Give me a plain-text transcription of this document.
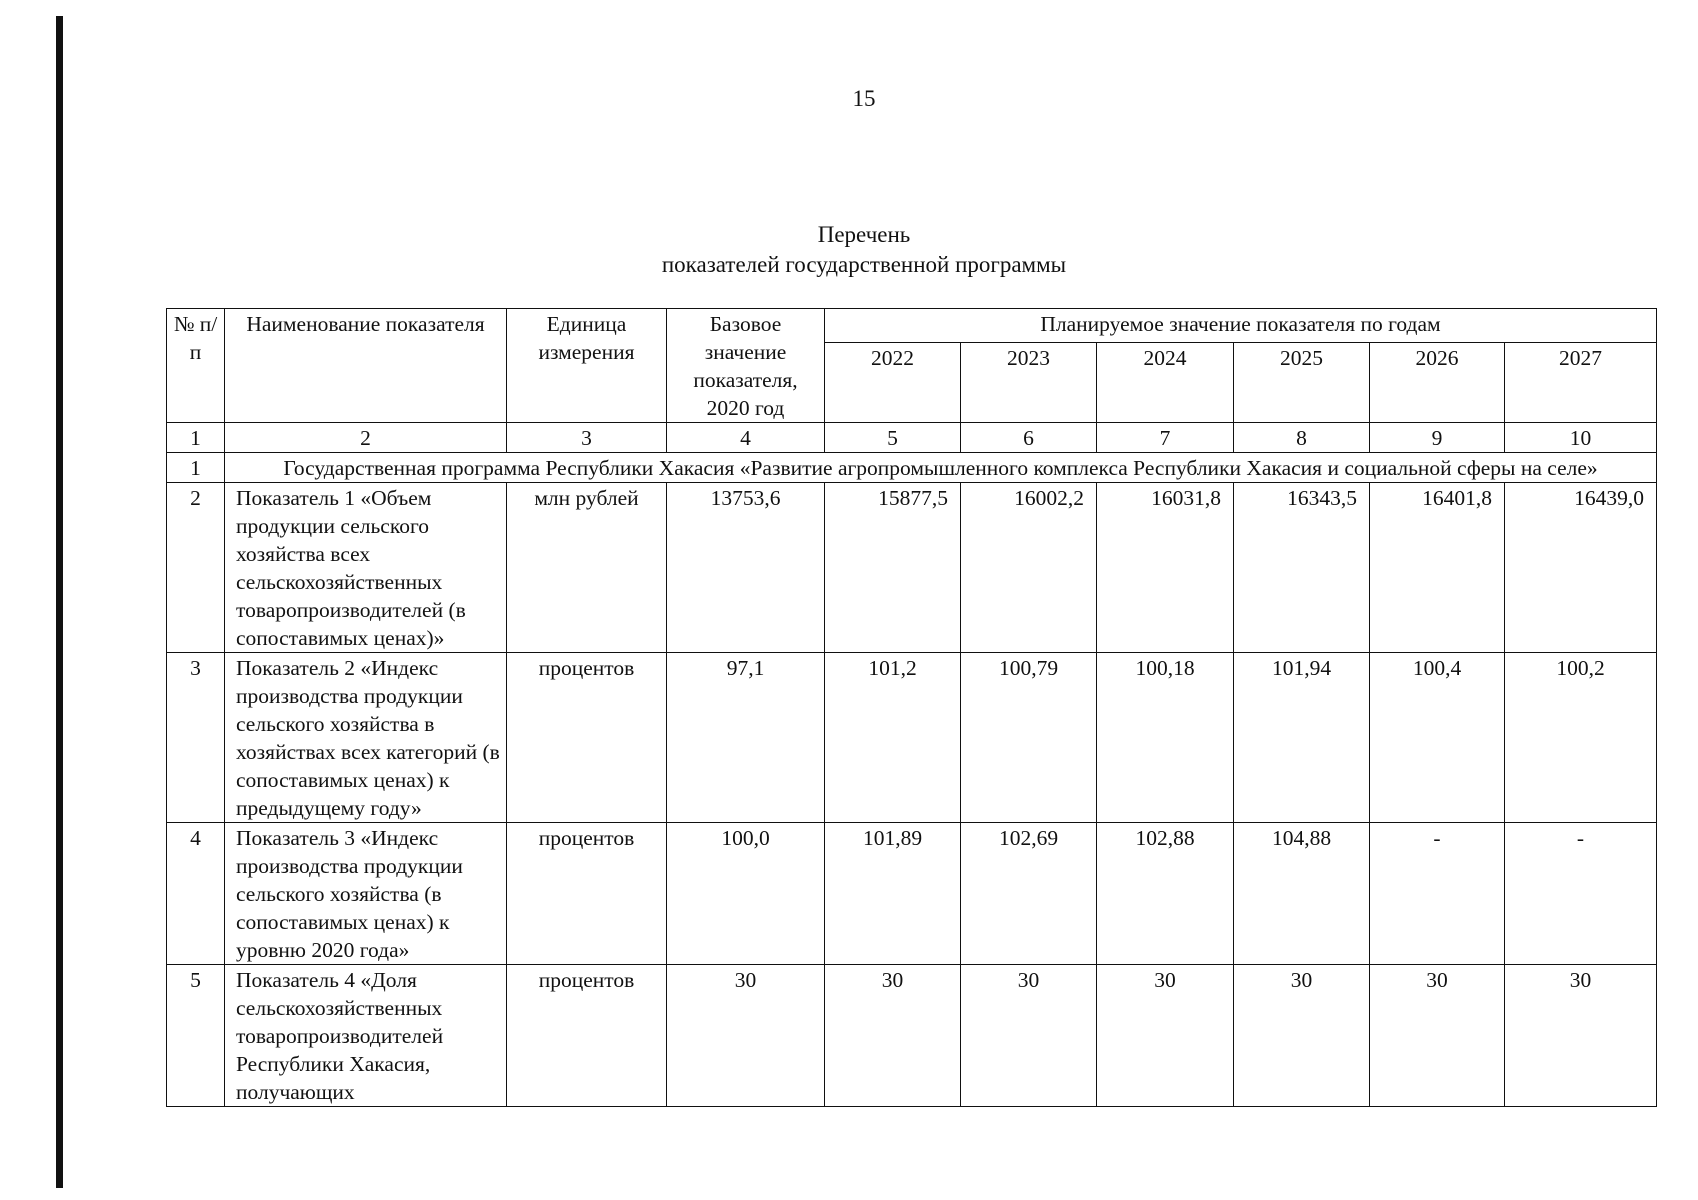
15
Перечень
показателей государственной программы
№ п/п	Наименование показателя	Единица измерения	Базовое значение показателя, 2020 год	Планируемое значение показателя по годам					
				2022	2023	2024	2025	2026	2027
1	2	3	4	5	6	7	8	9	10
1	Государственная программа Республики Хакасия «Развитие агропромышленного комплекса Республики Хакасия и социальной сферы на селе»								
2	Показатель 1 «Объем продукции сельского хозяйства всех сельскохозяйственных товаропроизводителей (в сопоставимых ценах)»	млн рублей	13753,6	15877,5	16002,2	16031,8	16343,5	16401,8	16439,0
3	Показатель 2 «Индекс производства продукции сельского хозяйства в хозяйствах всех категорий (в сопоставимых ценах) к предыдущему году»	процентов	97,1	101,2	100,79	100,18	101,94	100,4	100,2
4	Показатель 3 «Индекс производства продукции сельского хозяйства (в сопоставимых ценах) к уровню 2020 года»	процентов	100,0	101,89	102,69	102,88	104,88	-	-
5	Показатель 4 «Доля сельскохозяйственных товаропроизводителей Республики Хакасия, получающих	процентов	30	30	30	30	30	30	30
